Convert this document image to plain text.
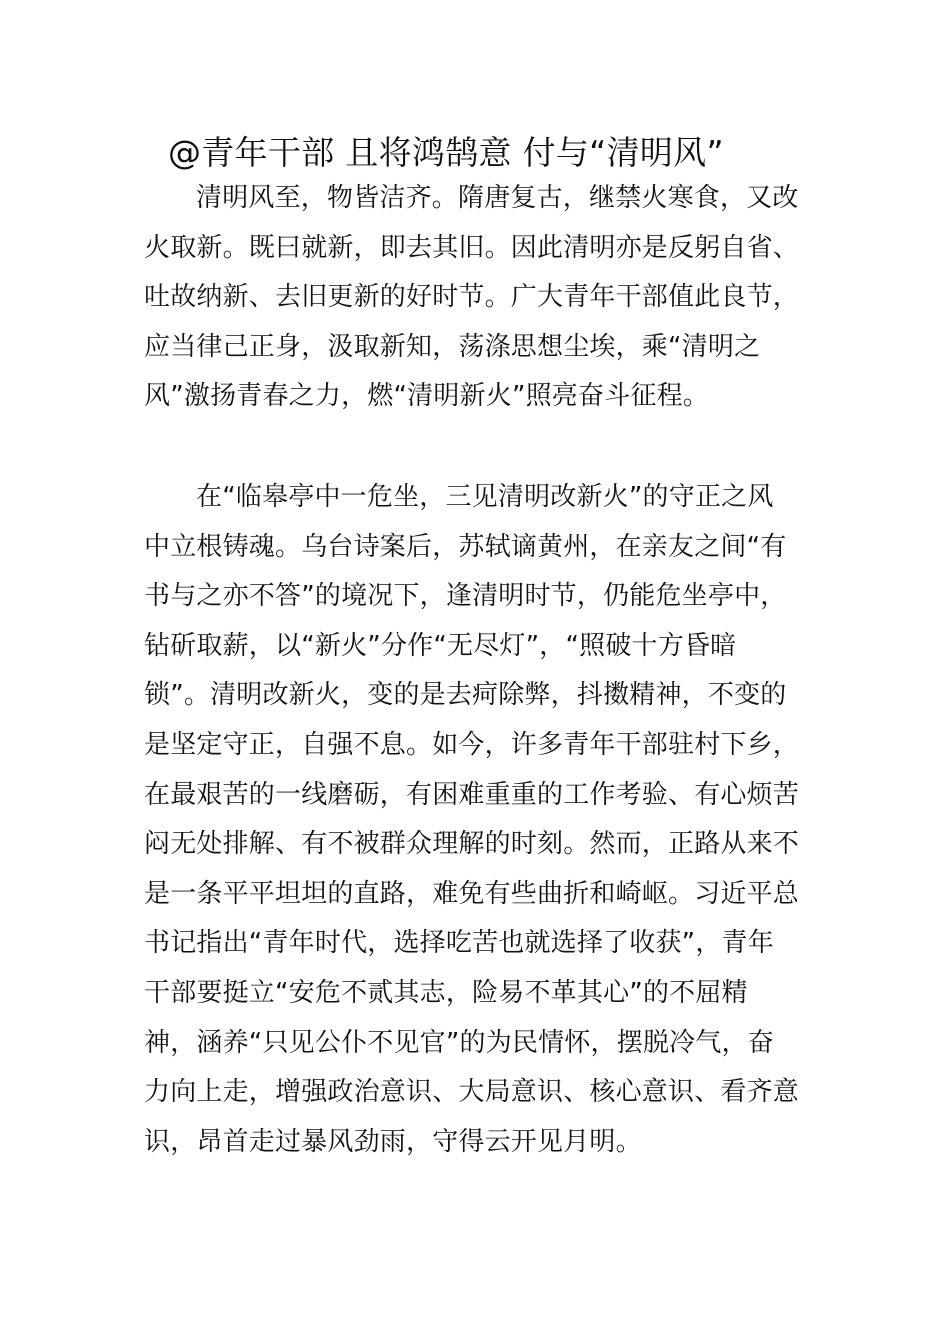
@青年干部 且将鸿鹄意 付与“清明风”

清明风至，物皆洁齐。隋唐复古，继禁火寒食，又改
火取新。既曰就新，即去其旧。因此清明亦是反躬自省、
吐故纳新、去旧更新的好时节。广大青年干部值此良节，
应当律己正身，汲取新知，荡涤思想尘埃，乘“清明之
风”激扬青春之力，燃“清明新火”照亮奋斗征程。

在“临皋亭中一危坐，三见清明改新火”的守正之风
中立根铸魂。乌台诗案后，苏轼谪黄州，在亲友之间“有
书与之亦不答”的境况下，逢清明时节，仍能危坐亭中，
钻斫取薪，以“新火”分作“无尽灯”，“照破十方昏暗
锁”。清明改新火，变的是去疴除弊，抖擞精神，不变的
是坚定守正，自强不息。如今，许多青年干部驻村下乡，
在最艰苦的一线磨砺，有困难重重的工作考验、有心烦苦
闷无处排解、有不被群众理解的时刻。然而，正路从来不
是一条平平坦坦的直路，难免有些曲折和崎岖。习近平总
书记指出“青年时代，选择吃苦也就选择了收获”，青年
干部要挺立“安危不贰其志，险易不革其心”的不屈精
神，涵养“只见公仆不见官”的为民情怀，摆脱冷气，奋
力向上走，增强政治意识、大局意识、核心意识、看齐意
识，昂首走过暴风劲雨，守得云开见月明。
